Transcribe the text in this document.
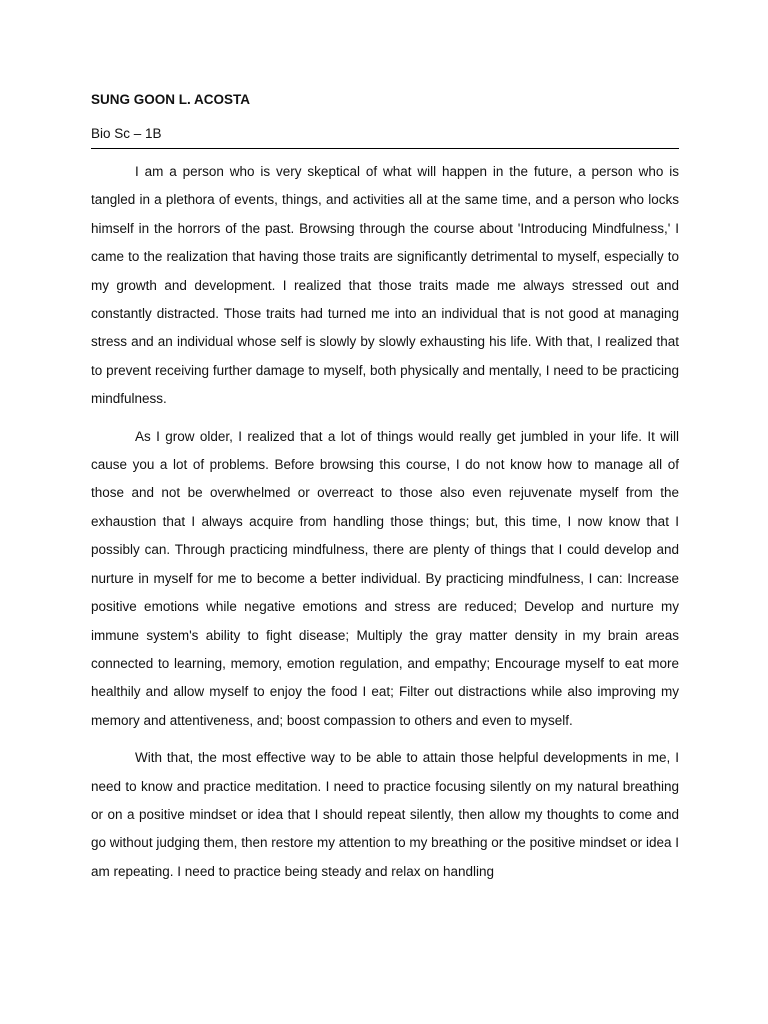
SUNG GOON L. ACOSTA

Bio Sc – 1B

I am a person who is very skeptical of what will happen in the future, a person who is tangled in a plethora of events, things, and activities all at the same time, and a person who locks himself in the horrors of the past. Browsing through the course about 'Introducing Mindfulness,' I came to the realization that having those traits are significantly detrimental to myself, especially to my growth and development. I realized that those traits made me always stressed out and constantly distracted. Those traits had turned me into an individual that is not good at managing stress and an individual whose self is slowly by slowly exhausting his life. With that, I realized that to prevent receiving further damage to myself, both physically and mentally, I need to be practicing mindfulness.

As I grow older, I realized that a lot of things would really get jumbled in your life. It will cause you a lot of problems. Before browsing this course, I do not know how to manage all of those and not be overwhelmed or overreact to those also even rejuvenate myself from the exhaustion that I always acquire from handling those things; but, this time, I now know that I possibly can. Through practicing mindfulness, there are plenty of things that I could develop and nurture in myself for me to become a better individual. By practicing mindfulness, I can: Increase positive emotions while negative emotions and stress are reduced; Develop and nurture my immune system's ability to fight disease; Multiply the gray matter density in my brain areas connected to learning, memory, emotion regulation, and empathy; Encourage myself to eat more healthily and allow myself to enjoy the food I eat; Filter out distractions while also improving my memory and attentiveness, and; boost compassion to others and even to myself.

With that, the most effective way to be able to attain those helpful developments in me, I need to know and practice meditation. I need to practice focusing silently on my natural breathing or on a positive mindset or idea that I should repeat silently, then allow my thoughts to come and go without judging them, then restore my attention to my breathing or the positive mindset or idea I am repeating. I need to practice being steady and relax on handling
